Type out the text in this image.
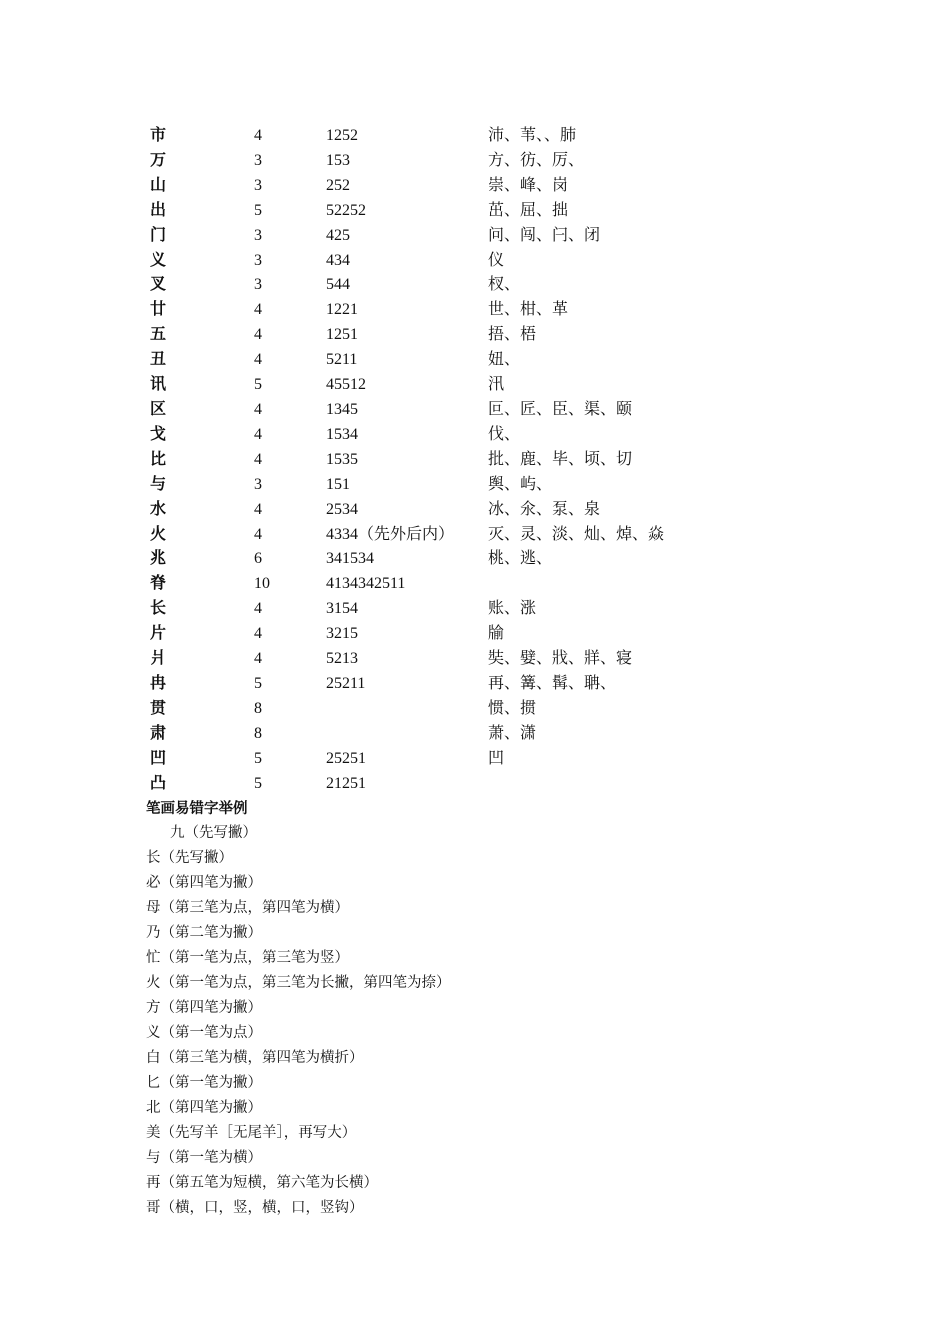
市	4	1252	沛、苇、、肺
万	3	153	方、彷、厉、
山	3	252	崇、峰、岗
出	5	52252	茁、屈、拙
门	3	425	问、闯、闩、闭
义	3	434	仪
叉	3	544	杈、
廿	4	1221	世、柑、革
五	4	1251	捂、梧
丑	4	5211	妞、
讯	5	45512	汛
区	4	1345	叵、匠、臣、渠、颐
戈	4	1534	伐、
比	4	1535	批、鹿、毕、顷、切
与	3	151	舆、屿、
水	4	2534	冰、氽、泵、泉
火	4	4334（先外后内）	灭、灵、淡、灿、焯、焱
兆	6	341534	桃、逃、
脊	10	4134342511	
长	4	3154	账、涨
片	4	3215	牏
爿	4	5213	奘、嬖、戕、牂、寝
冉	5	25211	再、篝、髯、聃、
贯	8		惯、掼
肃	8		萧、潇
凹	5	25251	凹
凸	5	21251	
笔画易错字举例
九（先写撇）
长（先写撇）
必（第四笔为撇）
母（第三笔为点，第四笔为横）
乃（第二笔为撇）
忙（第一笔为点，第三笔为竖）
火（第一笔为点，第三笔为长撇，第四笔为捺）
方（第四笔为撇）
义（第一笔为点）
白（第三笔为横，第四笔为横折）
匕（第一笔为撇）
北（第四笔为撇）
美（先写羊［无尾羊］，再写大）
与（第一笔为横）
再（第五笔为短横，第六笔为长横）
哥（横，口，竖，横，口，竖钩）
